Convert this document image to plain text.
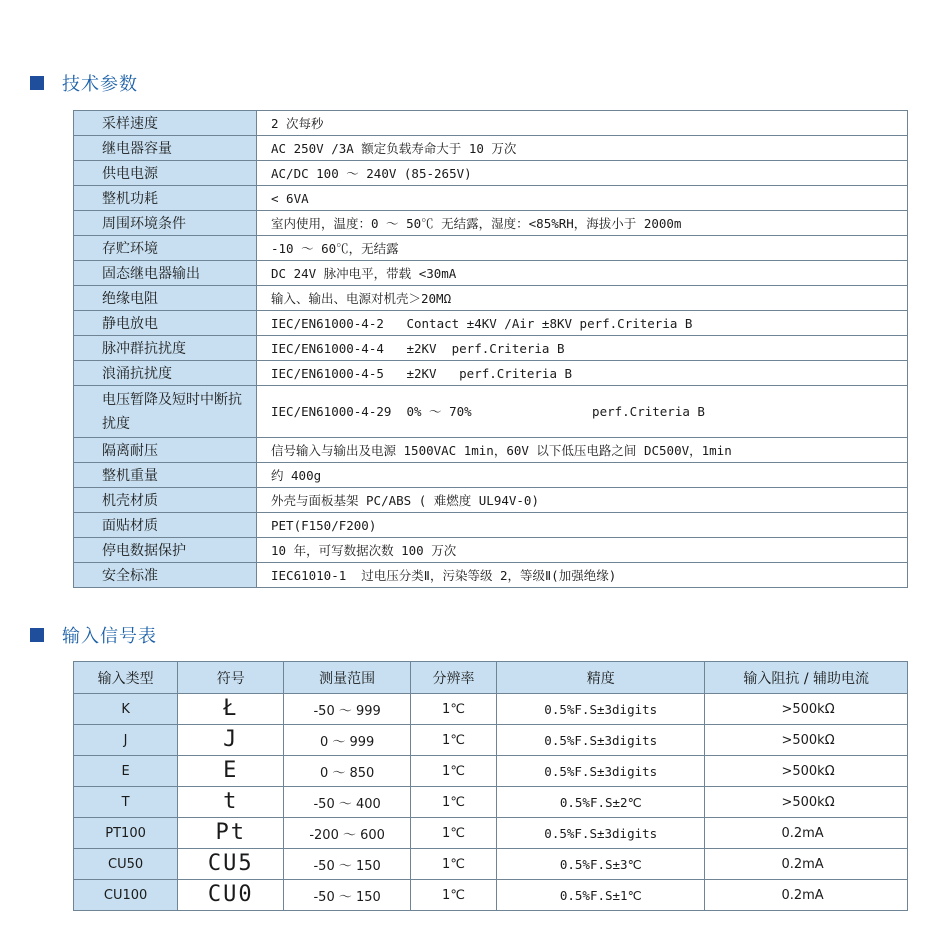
技术参数
采样速度	2 次每秒
继电器容量	AC 250V /3A 额定负载寿命大于 10 万次
供电电源	AC/DC 100 ～ 240V (85-265V)
整机功耗	< 6VA
周围环境条件	室内使用，温度：0 ～ 50℃ 无结露，湿度：<85%RH，海拔小于 2000m
存贮环境	-10 ～ 60℃，无结露
固态继电器输出	DC 24V 脉冲电平，带载 <30mA
绝缘电阻	输入、输出、电源对机壳＞20MΩ
静电放电	IEC/EN61000-4-2   Contact ±4KV /Air ±8KV perf.Criteria B
脉冲群抗扰度	IEC/EN61000-4-4   ±2KV  perf.Criteria B
浪涌抗扰度	IEC/EN61000-4-5   ±2KV   perf.Criteria B
电压暂降及短时中断抗扰度	IEC/EN61000-4-29  0% ～ 70%                perf.Criteria B
隔离耐压	信号输入与输出及电源 1500VAC 1min，60V 以下低压电路之间 DC500V，1min
整机重量	约 400g
机壳材质	外壳与面板基架 PC/ABS ( 难燃度 UL94V-0)
面贴材质	PET(F150/F200)
停电数据保护	10 年，可写数据次数 100 万次
安全标准	IEC61010-1  过电压分类Ⅱ，污染等级 2，等级Ⅱ(加强绝缘)
输入信号表
输入类型	符号	测量范围	分辨率	精度	输入阻抗 / 辅助电流
K	Ł	-50 ～ 999	1℃	0.5%F.S±3digits	>500kΩ
J	J	0 ～ 999	1℃	0.5%F.S±3digits	>500kΩ
E	E	0 ～ 850	1℃	0.5%F.S±3digits	>500kΩ
T	t	-50 ～ 400	1℃	0.5%F.S±2℃	>500kΩ
PT100	Pt	-200 ～ 600	1℃	0.5%F.S±3digits	0.2mA
CU50	CU5	-50 ～ 150	1℃	0.5%F.S±3℃	0.2mA
CU100	CU0	-50 ～ 150	1℃	0.5%F.S±1℃	0.2mA
